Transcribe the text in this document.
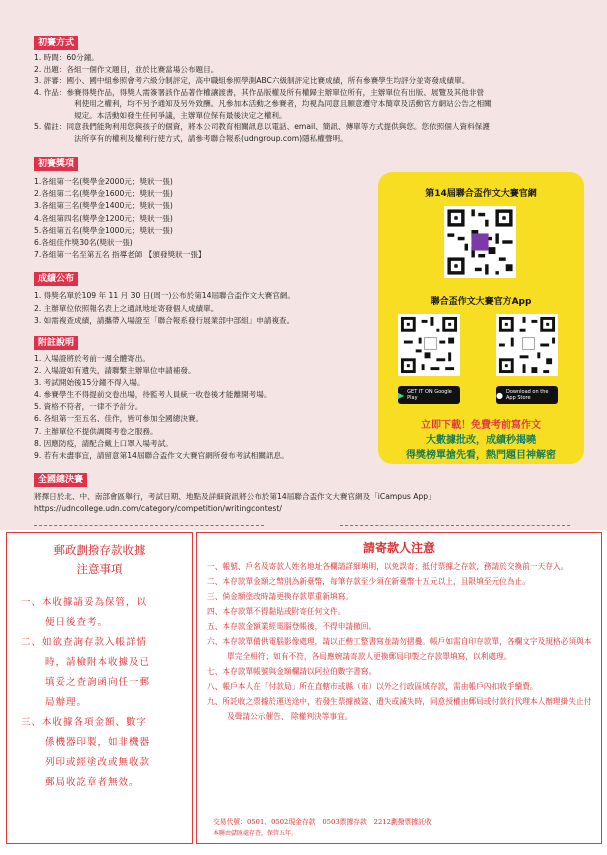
初賽方式
1. 時間：60分鐘。
2. 出題：各組一個作文題目，並於比賽當場公布題目。
3. 評審：國小、國中組參照會考六級分制評定，高中職組參照學測ABC六級制評定比賽成績，所有參賽學生均評分並寄發成績單。
4. 作品：參賽得獎作品，得獎人需簽署該作品著作權讓渡書，其作品版權及所有權歸主辦單位所有，主辦單位有出版、展覽及其他非營
利使用之權利，均不另予通知及另外致酬。凡參加本活動之參賽者，均視為同意且願意遵守本簡章及活動官方網站公告之相關
規定。本活動如發生任何爭議，主辦單位保有最後決定之權利。
5. 備註：同意我們能夠利用您與孩子的個資，將本公司教育相關訊息以電話、email、簡訊、傳單等方式提供與您。您依照個人資料保護
法所享有的權利及權利行使方式，請參考聯合報系(udngroup.com)隱私權聲明。
初賽獎項
1.各組第一名(獎學金2000元；獎狀一張)
2.各組第二名(獎學金1600元；獎狀一張)
3.各組第三名(獎學金1400元；獎狀一張)
4.各組第四名(獎學金1200元；獎狀一張)
5.各組第五名(獎學金1000元；獎狀一張)
6.各組佳作獎30名(獎狀一張)
7.各組第一名至第五名 指導老師 【頒發獎狀一張】
成績公布
1. 得獎名單於109 年 11 月 30 日(周一)公布於第14屆聯合盃作文大賽官網。
2. 主辦單位依照報名表上之通訊地址寄發個人成績單。
3. 如需複查成績，請攜帶入場證至「聯合報系發行展業部中部組」申請複查。
附註說明
1. 入場證將於考前一週全體寄出。
2. 入場證如有遺失，請聯繫主辦單位申請補發。
3. 考試開始後15分鐘不得入場。
4. 參賽學生不得提前交卷出場，待監考人員統一收卷後才能離開考場。
5. 資格不符者，一律不予計分。
6. 各組第一至五名、佳作，皆可參加全國總決賽。
7. 主辦單位不提供調閱考卷之服務。
8. 因應防疫，請配合戴上口罩入場考試。
9. 若有未盡事宜，請留意第14屆聯合盃作文大賽官網所發布考試相關訊息。
全國總決賽
將擇日於北、中、南部會區舉行，考試日期、地點及詳細資訊將公布於第14屆聯合盃作文大賽官網及「iCampus App」
https://udncollege.udn.com/category/competition/writingcontest/
第14屆聯合盃作文大賽官網
聯合盃作文大賽官方App
▶ GET IT ON Google Play	● Download on the App Store
立即下載！免費考前寫作文
大數據批改，成績秒揭曉
得獎榜單搶先看，熱門題目神解密
郵政劃撥存款收據
注意事項
一、本收據請妥為保管，以
便日後查考。
二、如欲查詢存款入帳詳情
時，請檢附本收據及已
填妥之查詢函向任一郵
局辦理。
三、本收據各項金額、數字
係機器印製，如非機器
列印或經塗改或無收款
郵局收訖章者無效。
請寄款人注意
一、帳號、戶名及寄款人姓名地址各欄請詳細填明，以免誤寄；抵付票據之存款，務請於交換前一天存入。
二、本存款單金額之幣別為新臺幣，每筆存款至少須在新臺幣十五元以上，且限填至元位為止。
三、倘金額塗改時請更換存款單重新填寫。
四、本存款單不得黏貼或附寄任何文件。
五、本存款金額業經電腦登帳後，不得申請撤回。
六、本存款單備供電腦影像處理，請以正楷工整書寫並請勿摺疊。帳戶如需自印存款單，各欄文字及規格必須與本單完全相符；如有不符，各局應婉請寄款人更換郵局印製之存款單填寫，以利處理。
七、本存款單帳號與金額欄請以阿拉伯數字書寫。
八、帳戶本人在「付款局」所在直轄市或縣（市）以外之行政區域存款，需由帳戶內扣收手續費。
九、所託收之票據於運送途中，若發生票據被盜、遺失或滅失時，同意授權由郵局或付款行代理本人辦理掛失止付及聲請公示催告、 除權判決等事宜。
交易代號：0501、0502現金存款　0503票據存款　2212劃撥票據託收
本聯由儲匯處存查，保管五年。
